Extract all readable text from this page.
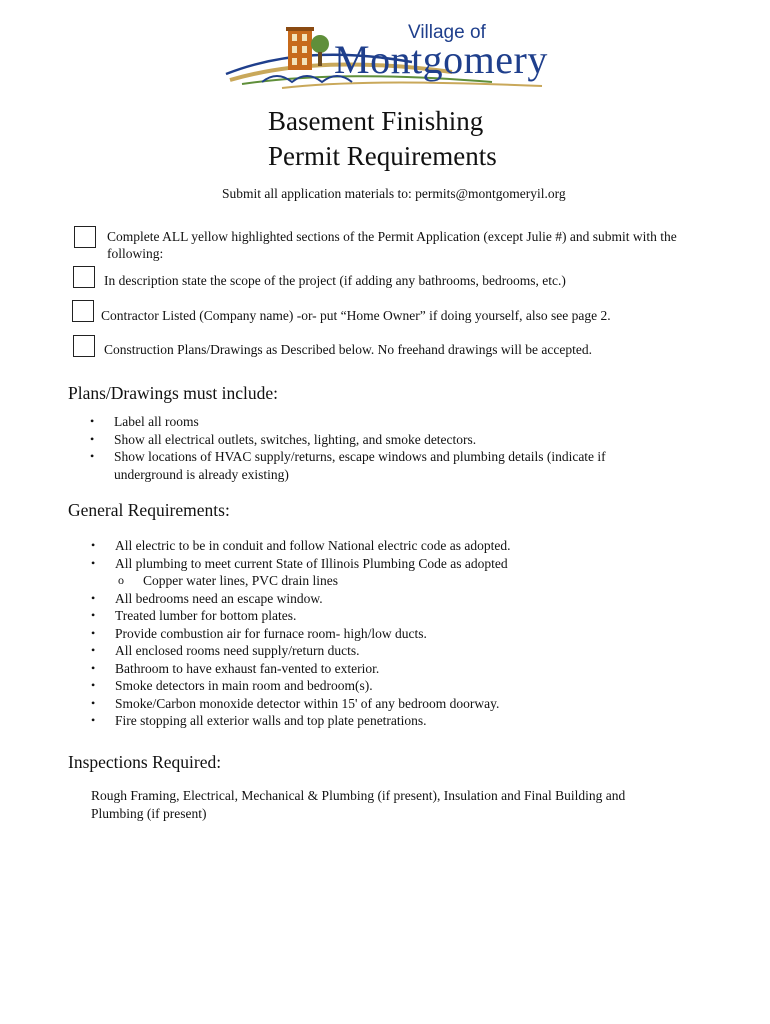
Village of
Montgomery
Basement Finishing
Permit Requirements
Submit all application materials to: permits@montgomeryil.org
Complete ALL yellow highlighted sections of the Permit Application (except Julie #) and submit with the following:
In description state the scope of the project (if adding any bathrooms, bedrooms, etc.)
Contractor Listed (Company name) -or- put “Home Owner” if doing yourself, also see page 2.
Construction Plans/Drawings as Described below. No freehand drawings will be accepted.
Plans/Drawings must include:
• Label all rooms
• Show all electrical outlets, switches, lighting, and smoke detectors.
• Show locations of HVAC supply/returns, escape windows and plumbing details (indicate if underground is already existing)
General Requirements:
• All electric to be in conduit and follow National electric code as adopted.
• All plumbing to meet current State of Illinois Plumbing Code as adopted
o Copper water lines, PVC drain lines
• All bedrooms need an escape window.
• Treated lumber for bottom plates.
• Provide combustion air for furnace room- high/low ducts.
• All enclosed rooms need supply/return ducts.
• Bathroom to have exhaust fan-vented to exterior.
• Smoke detectors in main room and bedroom(s).
• Smoke/Carbon monoxide detector within 15' of any bedroom doorway.
• Fire stopping all exterior walls and top plate penetrations.
Inspections Required:
Rough Framing, Electrical, Mechanical & Plumbing (if present), Insulation and Final Building and Plumbing (if present)
